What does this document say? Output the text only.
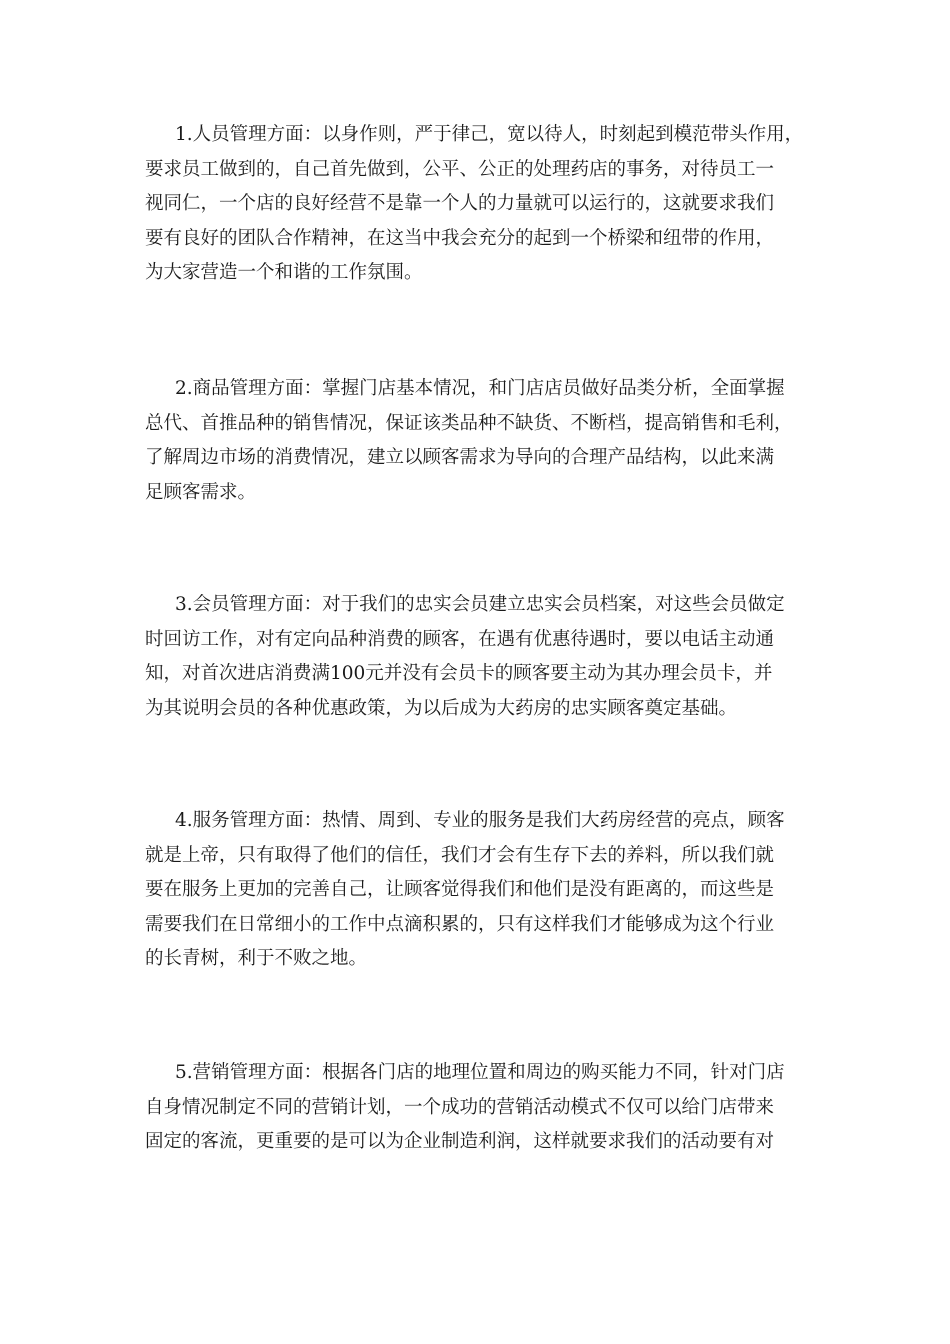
1.人员管理方面：以身作则，严于律己，宽以待人，时刻起到模范带头作用，
要求员工做到的，自己首先做到，公平、公正的处理药店的事务，对待员工一
视同仁，一个店的良好经营不是靠一个人的力量就可以运行的，这就要求我们
要有良好的团队合作精神，在这当中我会充分的起到一个桥梁和纽带的作用，
为大家营造一个和谐的工作氛围。
2.商品管理方面：掌握门店基本情况，和门店店员做好品类分析，全面掌握
总代、首推品种的销售情况，保证该类品种不缺货、不断档，提高销售和毛利，
了解周边市场的消费情况，建立以顾客需求为导向的合理产品结构，以此来满
足顾客需求。
3.会员管理方面：对于我们的忠实会员建立忠实会员档案，对这些会员做定
时回访工作，对有定向品种消费的顾客，在遇有优惠待遇时，要以电话主动通
知，对首次进店消费满100元并没有会员卡的顾客要主动为其办理会员卡，并
为其说明会员的各种优惠政策，为以后成为大药房的忠实顾客奠定基础。
4.服务管理方面：热情、周到、专业的服务是我们大药房经营的亮点，顾客
就是上帝，只有取得了他们的信任，我们才会有生存下去的养料，所以我们就
要在服务上更加的完善自己，让顾客觉得我们和他们是没有距离的，而这些是
需要我们在日常细小的工作中点滴积累的，只有这样我们才能够成为这个行业
的长青树，利于不败之地。
5.营销管理方面：根据各门店的地理位置和周边的购买能力不同，针对门店
自身情况制定不同的营销计划，一个成功的营销活动模式不仅可以给门店带来
固定的客流，更重要的是可以为企业制造利润，这样就要求我们的活动要有对
